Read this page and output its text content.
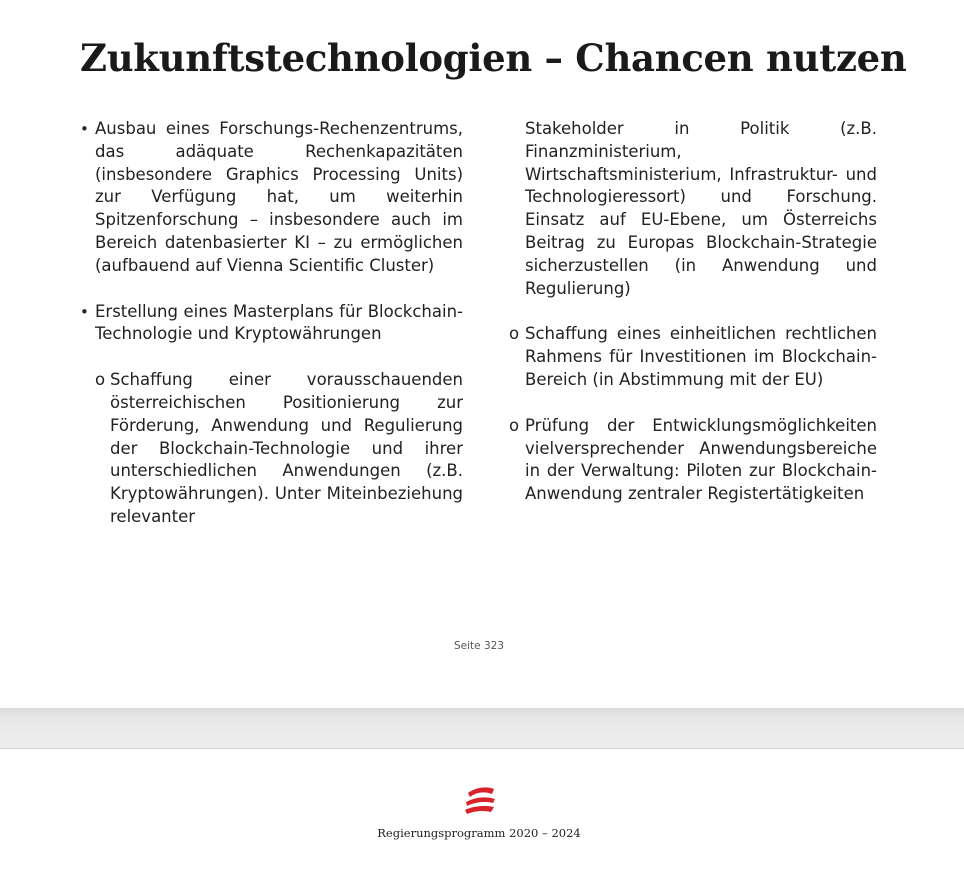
Zukunftstechnologien – Chancen nutzen
• Ausbau eines Forschungs-Rechenzentrums, das adäquate Rechenkapazitäten (insbesondere Graphics Processing Units) zur Verfügung hat, um weiterhin Spitzenforschung – insbesondere auch im Bereich datenbasierter KI – zu ermöglichen (aufbauend auf Vienna Scientific Cluster)
• Erstellung eines Masterplans für Blockchain-Technologie und Kryptowährungen
o Schaffung einer vorausschauenden österreichischen Positionierung zur Förderung, Anwendung und Regulierung der Blockchain-Technologie und ihrer unterschiedlichen Anwendungen (z.B. Kryptowährungen). Unter Miteinbeziehung relevanter
Stakeholder in Politik (z.B. Finanzministerium, Wirtschaftsministerium, Infrastruktur- und Technologieressort) und Forschung. Einsatz auf EU-Ebene, um Österreichs Beitrag zu Europas Blockchain-Strategie sicherzustellen (in Anwendung und Regulierung)
o Schaffung eines einheitlichen rechtlichen Rahmens für Investitionen im Blockchain-Bereich (in Abstimmung mit der EU)
o Prüfung der Entwicklungsmöglichkeiten vielversprechender Anwendungsbereiche in der Verwaltung: Piloten zur Blockchain-Anwendung zentraler Registertätigkeiten
Seite 323
Regierungsprogramm 2020 – 2024
